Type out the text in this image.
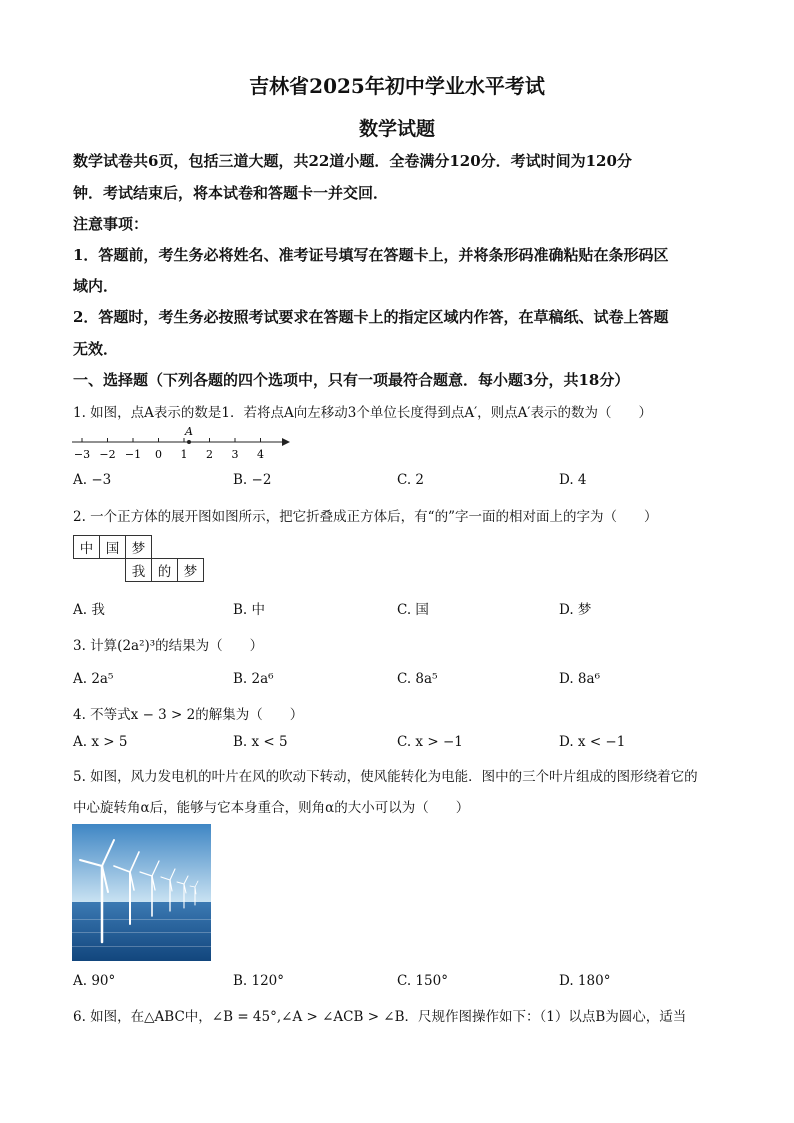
吉林省2025年初中学业水平考试
数学试题
数学试卷共6页，包括三道大题，共22道小题．全卷满分120分．考试时间为120分
钟．考试结束后，将本试卷和答题卡一并交回．
注意事项：
1．答题前，考生务必将姓名、准考证号填写在答题卡上，并将条形码准确粘贴在条形码区
域内．
2．答题时，考生务必按照考试要求在答题卡上的指定区域内作答，在草稿纸、试卷上答题
无效．
一、选择题（下列各题的四个选项中，只有一项最符合题意．每小题3分，共18分）
1. 如图，点A表示的数是1．若将点A向左移动3个单位长度得到点A′，则点A′表示的数为（　　）
−3 −2 −1 0 1 2 3 4
A
A. −3	B. −2	C. 2	D. 4
2. 一个正方体的展开图如图所示，把它折叠成正方体后，有“的”字一面的相对面上的字为（　　）
中	国	梦		
		我	的	梦
A. 我	B. 中	C. 国	D. 梦
3. 计算(2a²)³的结果为（　　）
A. 2a⁵	B. 2a⁶	C. 8a⁵	D. 8a⁶
4. 不等式x − 3 > 2的解集为（　　）
A. x > 5	B. x < 5	C. x > −1	D. x < −1
5. 如图，风力发电机的叶片在风的吹动下转动，使风能转化为电能．图中的三个叶片组成的图形绕着它的
中心旋转角α后，能够与它本身重合，则角α的大小可以为（　　）
A. 90°	B. 120°	C. 150°	D. 180°
6. 如图，在△ABC中，∠B = 45°,∠A > ∠ACB > ∠B．尺规作图操作如下：（1）以点B为圆心，适当
